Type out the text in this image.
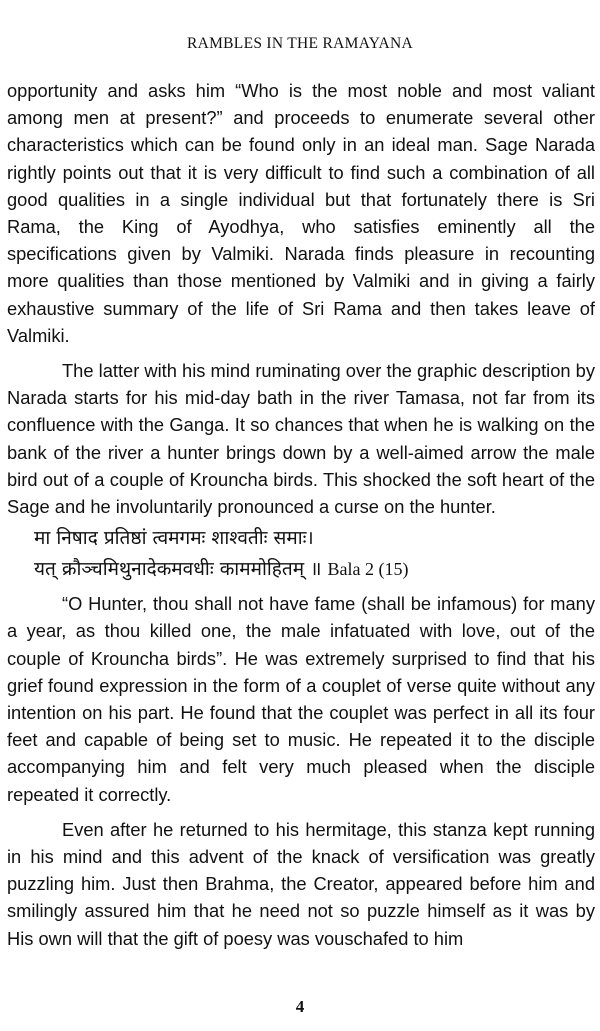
RAMBLES IN THE RAMAYANA

opportunity and asks him “Who is the most noble and most valiant among men at present?” and proceeds to enumerate several other characteristics which can be found only in an ideal man. Sage Narada rightly points out that it is very difficult to find such a combination of all good qualities in a single individual but that fortunately there is Sri Rama, the King of Ayodhya, who satisfies eminently all the specifications given by Valmiki. Narada finds pleasure in recounting more qualities than those mentioned by Valmiki and in giving a fairly exhaustive summary of the life of Sri Rama and then takes leave of Valmiki.

The latter with his mind ruminating over the graphic description by Narada starts for his mid-day bath in the river Tamasa, not far from its confluence with the Ganga. It so chances that when he is walking on the bank of the river a hunter brings down by a well-aimed arrow the male bird out of a couple of Krouncha birds. This shocked the soft heart of the Sage and he involuntarily pronounced a curse on the hunter.

मा निषाद प्रतिष्ठां त्वमगमः शाश्वतीः समाः।
यत् क्रौञ्चमिथुनादेकमवधीः काममोहितम् ॥ Bala 2 (15)

“O Hunter, thou shall not have fame (shall be infamous) for many a year, as thou killed one, the male infatuated with love, out of the couple of Krouncha birds”. He was extremely surprised to find that his grief found expression in the form of a couplet of verse quite without any intention on his part. He found that the couplet was perfect in all its four feet and capable of being set to music. He repeated it to the disciple accompanying him and felt very much pleased when the disciple repeated it correctly.

Even after he returned to his hermitage, this stanza kept running in his mind and this advent of the knack of versification was greatly puzzling him. Just then Brahma, the Creator, appeared before him and smilingly assured him that he need not so puzzle himself as it was by His own will that the gift of poesy was vouschafed to him

4
